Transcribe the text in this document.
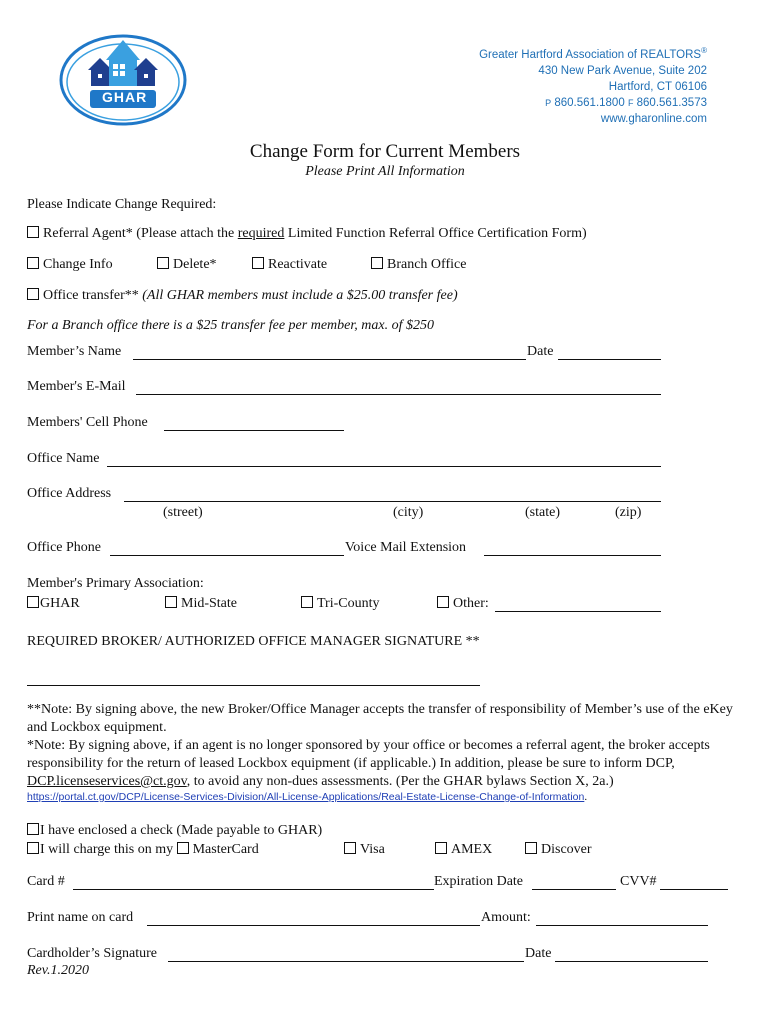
GHAR
Greater Hartford Association of REALTORS®
430 New Park Avenue, Suite 202
Hartford, CT 06106
P 860.561.1800 F 860.561.3573
www.gharonline.com
Change Form for Current Members
Please Print All Information
Please Indicate Change Required:
Referral Agent* (Please attach the required Limited Function Referral Office Certification Form)
Change Info	Delete*	Reactivate	Branch Office
Office transfer** (All GHAR members must include a $25.00 transfer fee)
For a Branch office there is a $25 transfer fee per member, max. of $250
Member’s Name	Date
Member's E-Mail
Members' Cell Phone
Office Name
Office Address
(street)	(city)	(state)	(zip)
Office Phone	Voice Mail Extension
Member's Primary Association:
GHAR	Mid-State	Tri-County	Other:
REQUIRED BROKER/ AUTHORIZED OFFICE MANAGER SIGNATURE **
**Note: By signing above, the new Broker/Office Manager accepts the transfer of responsibility of Member’s use of the eKey and Lockbox equipment.
*Note: By signing above, if an agent is no longer sponsored by your office or becomes a referral agent, the broker accepts responsibility for the return of leased Lockbox equipment (if applicable.) In addition, please be sure to inform DCP, DCP.licenseservices@ct.gov, to avoid any non-dues assessments. (Per the GHAR bylaws Section X, 2a.)
https://portal.ct.gov/DCP/License-Services-Division/All-License-Applications/Real-Estate-License-Change-of-Information.
I have enclosed a check (Made payable to GHAR)
I will charge this on my MasterCard	Visa	AMEX	Discover
Card #	Expiration Date	CVV#
Print name on card	Amount:
Cardholder’s Signature	Date
Rev.1.2020
